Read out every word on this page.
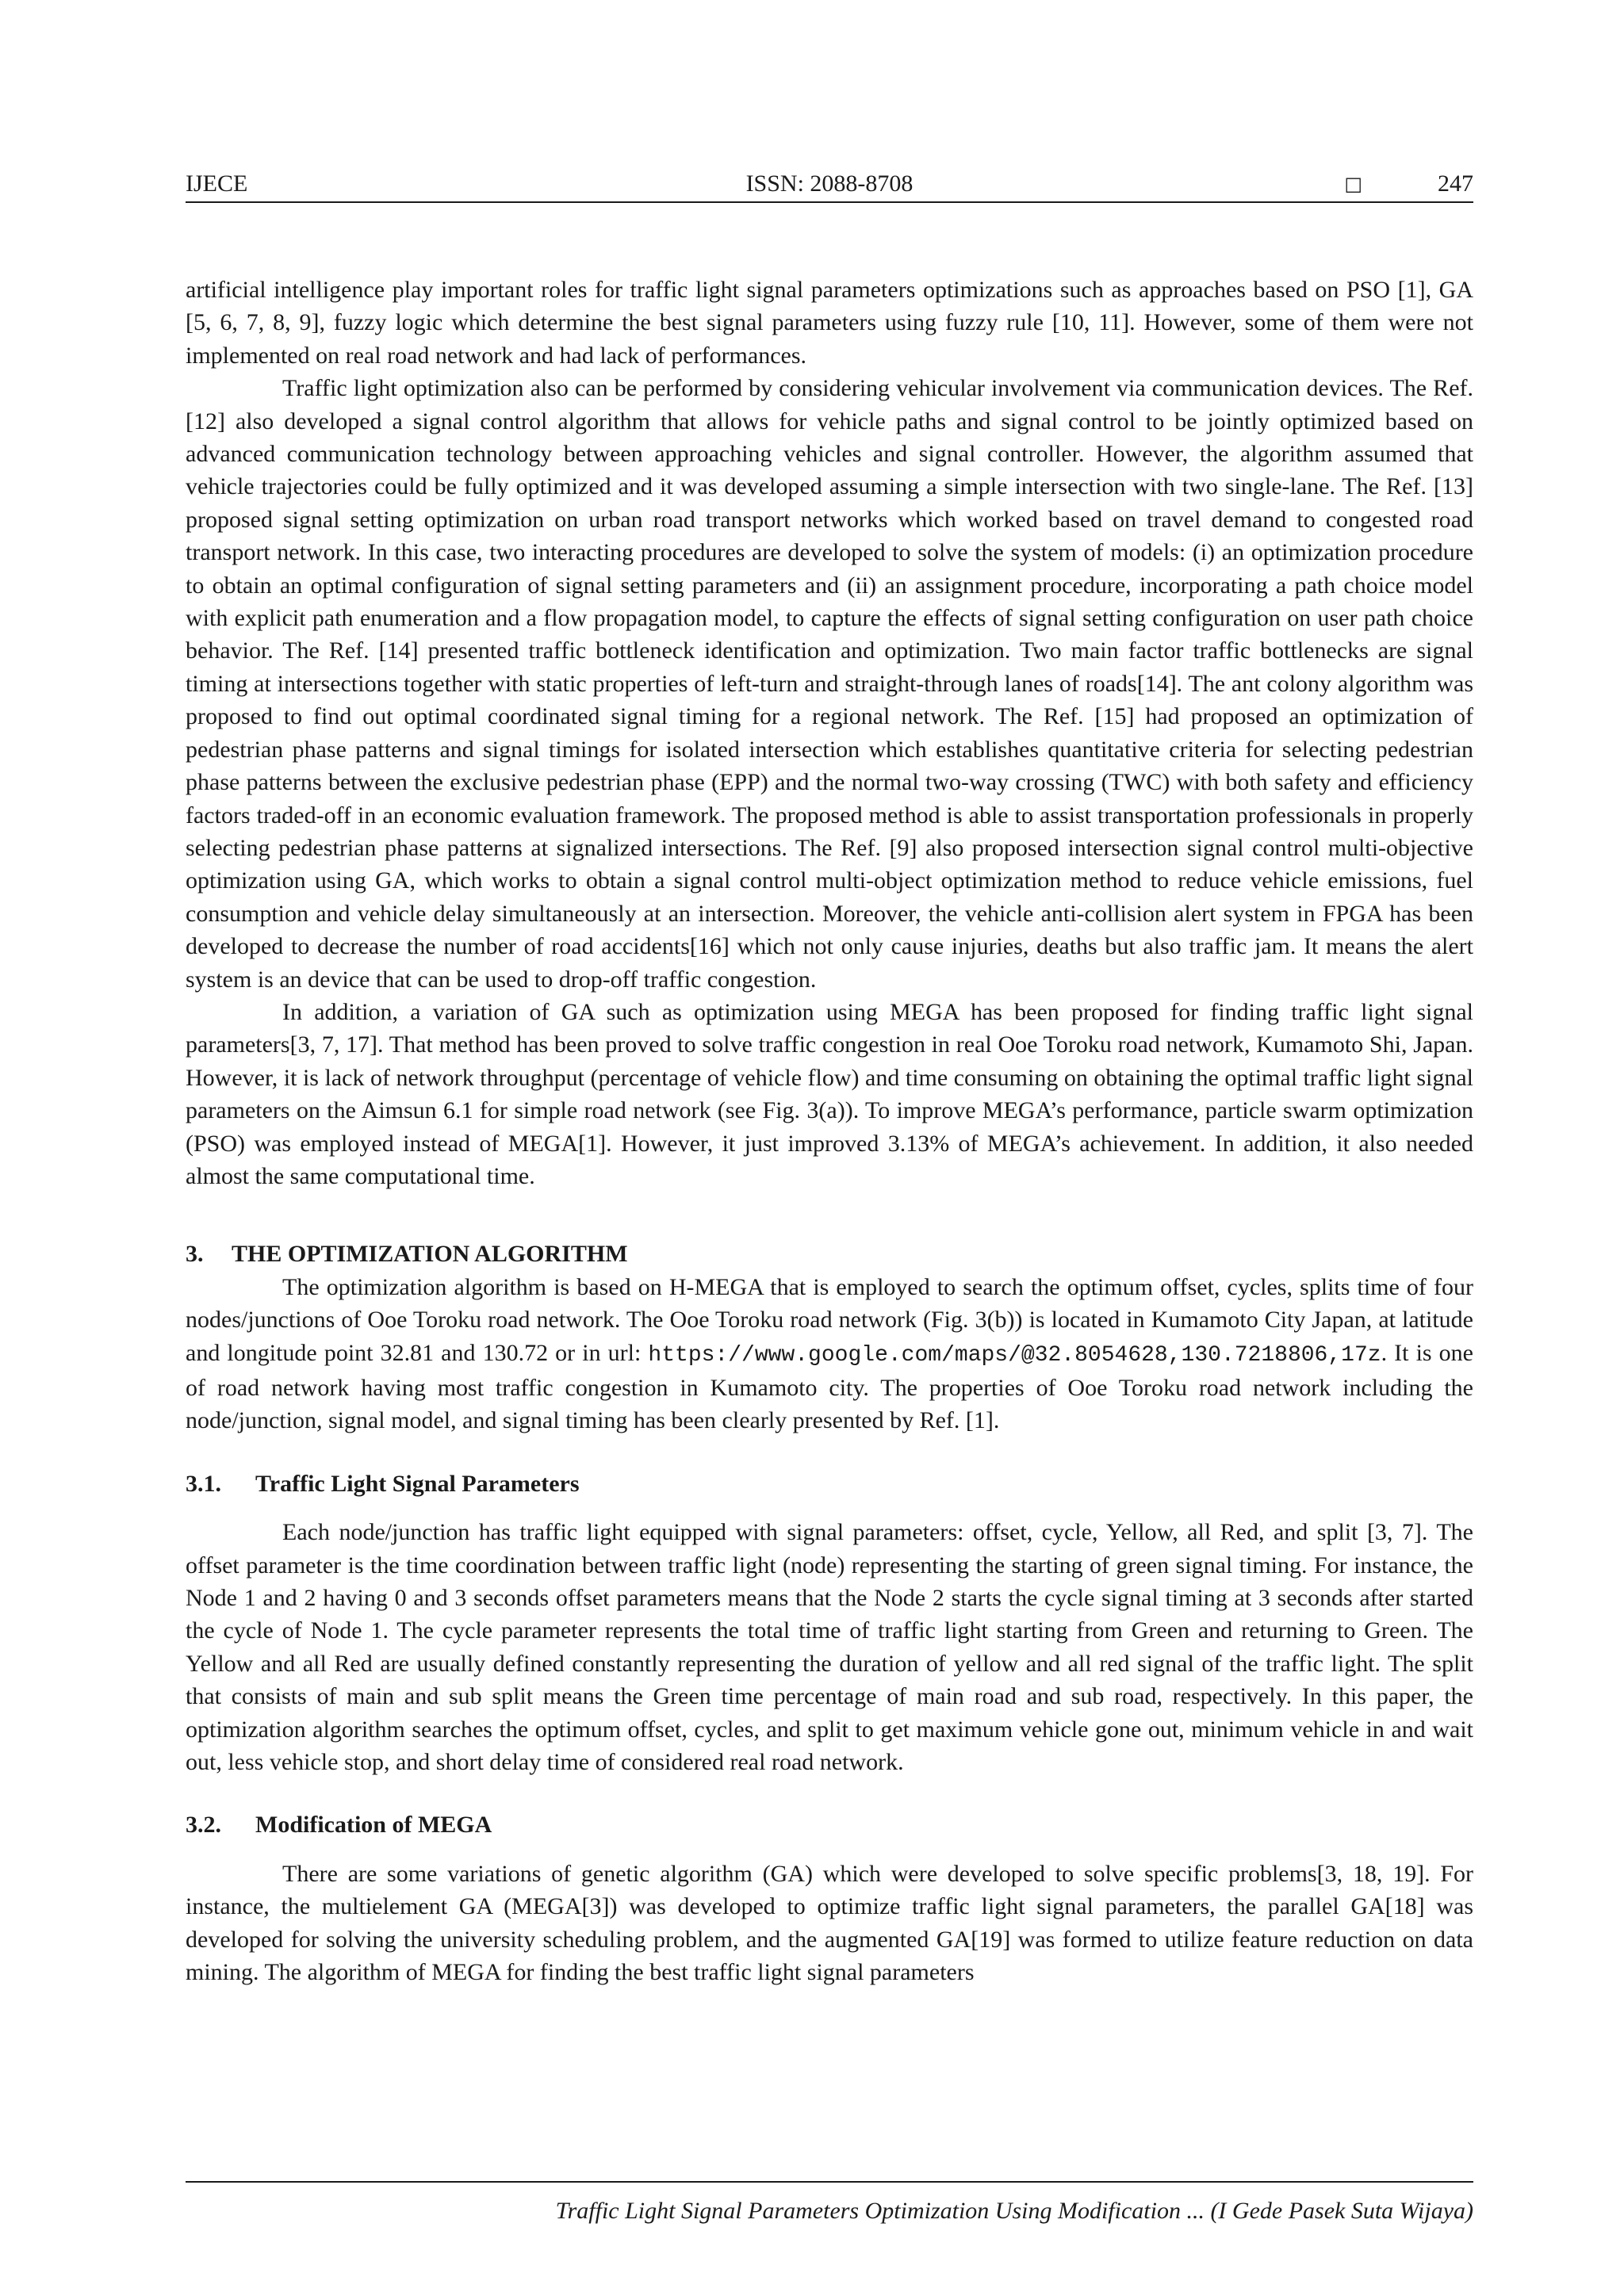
IJECE	ISSN: 2088-8708	□	247

artificial intelligence play important roles for traffic light signal parameters optimizations such as approaches based on PSO [1], GA [5, 6, 7, 8, 9], fuzzy logic which determine the best signal parameters using fuzzy rule [10, 11]. However, some of them were not implemented on real road network and had lack of performances.

Traffic light optimization also can be performed by considering vehicular involvement via communication devices. The Ref. [12] also developed a signal control algorithm that allows for vehicle paths and signal control to be jointly optimized based on advanced communication technology between approaching vehicles and signal controller. However, the algorithm assumed that vehicle trajectories could be fully optimized and it was developed assuming a simple intersection with two single-lane. The Ref. [13] proposed signal setting optimization on urban road transport networks which worked based on travel demand to congested road transport network. In this case, two interacting procedures are developed to solve the system of models: (i) an optimization procedure to obtain an optimal configuration of signal setting parameters and (ii) an assignment procedure, incorporating a path choice model with explicit path enumeration and a flow propagation model, to capture the effects of signal setting configuration on user path choice behavior. The Ref. [14] presented traffic bottleneck identification and optimization. Two main factor traffic bottlenecks are signal timing at intersections together with static properties of left-turn and straight-through lanes of roads[14]. The ant colony algorithm was proposed to find out optimal coordinated signal timing for a regional network. The Ref. [15] had proposed an optimization of pedestrian phase patterns and signal timings for isolated intersection which establishes quantitative criteria for selecting pedestrian phase patterns between the exclusive pedestrian phase (EPP) and the normal two-way crossing (TWC) with both safety and efficiency factors traded-off in an economic evaluation framework. The proposed method is able to assist transportation professionals in properly selecting pedestrian phase patterns at signalized intersections. The Ref. [9] also proposed intersection signal control multi-objective optimization using GA, which works to obtain a signal control multi-object optimization method to reduce vehicle emissions, fuel consumption and vehicle delay simultaneously at an intersection. Moreover, the vehicle anti-collision alert system in FPGA has been developed to decrease the number of road accidents[16] which not only cause injuries, deaths but also traffic jam. It means the alert system is an device that can be used to drop-off traffic congestion.

In addition, a variation of GA such as optimization using MEGA has been proposed for finding traffic light signal parameters[3, 7, 17]. That method has been proved to solve traffic congestion in real Ooe Toroku road network, Kumamoto Shi, Japan. However, it is lack of network throughput (percentage of vehicle flow) and time consuming on obtaining the optimal traffic light signal parameters on the Aimsun 6.1 for simple road network (see Fig. 3(a)). To improve MEGA’s performance, particle swarm optimization (PSO) was employed instead of MEGA[1]. However, it just improved 3.13% of MEGA’s achievement. In addition, it also needed almost the same computational time.

3. THE OPTIMIZATION ALGORITHM

The optimization algorithm is based on H-MEGA that is employed to search the optimum offset, cycles, splits time of four nodes/junctions of Ooe Toroku road network. The Ooe Toroku road network (Fig. 3(b)) is located in Kumamoto City Japan, at latitude and longitude point 32.81 and 130.72 or in url: https://www.google.com/maps/@32.8054628,130.7218806,17z. It is one of road network having most traffic congestion in Kumamoto city. The properties of Ooe Toroku road network including the node/junction, signal model, and signal timing has been clearly presented by Ref. [1].

3.1. Traffic Light Signal Parameters

Each node/junction has traffic light equipped with signal parameters: offset, cycle, Yellow, all Red, and split [3, 7]. The offset parameter is the time coordination between traffic light (node) representing the starting of green signal timing. For instance, the Node 1 and 2 having 0 and 3 seconds offset parameters means that the Node 2 starts the cycle signal timing at 3 seconds after started the cycle of Node 1. The cycle parameter represents the total time of traffic light starting from Green and returning to Green. The Yellow and all Red are usually defined constantly representing the duration of yellow and all red signal of the traffic light. The split that consists of main and sub split means the Green time percentage of main road and sub road, respectively. In this paper, the optimization algorithm searches the optimum offset, cycles, and split to get maximum vehicle gone out, minimum vehicle in and wait out, less vehicle stop, and short delay time of considered real road network.

3.2. Modification of MEGA

There are some variations of genetic algorithm (GA) which were developed to solve specific problems[3, 18, 19]. For instance, the multielement GA (MEGA[3]) was developed to optimize traffic light signal parameters, the parallel GA[18] was developed for solving the university scheduling problem, and the augmented GA[19] was formed to utilize feature reduction on data mining. The algorithm of MEGA for finding the best traffic light signal parameters

Traffic Light Signal Parameters Optimization Using Modification ... (I Gede Pasek Suta Wijaya)
